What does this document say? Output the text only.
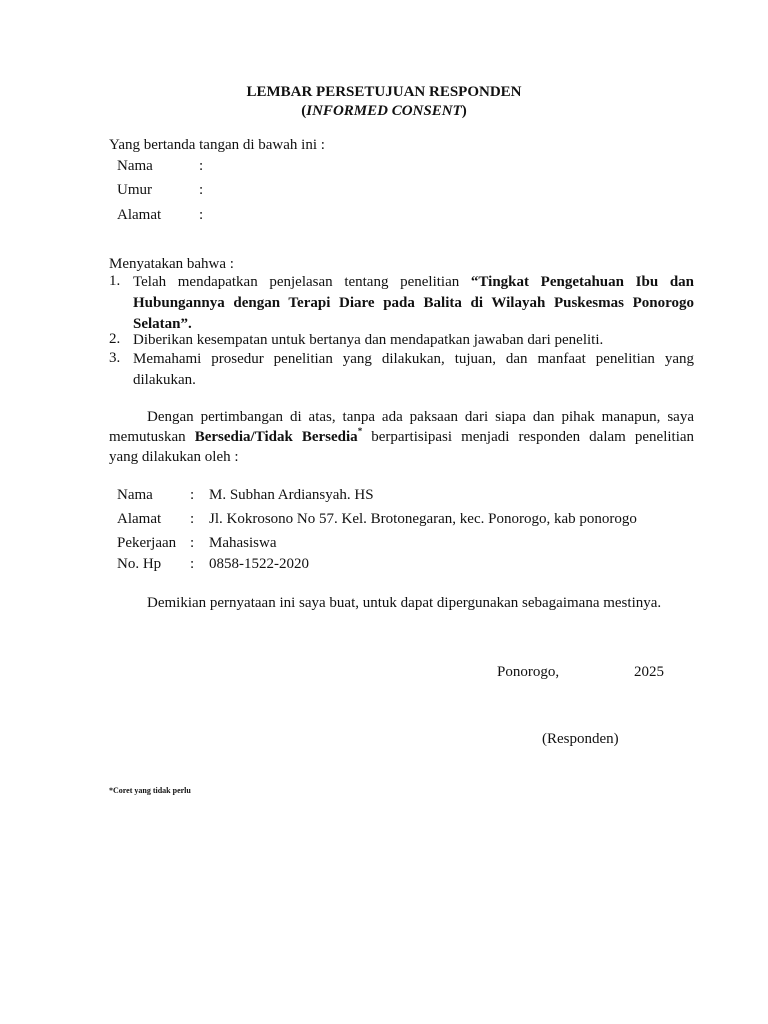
LEMBAR PERSETUJUAN RESPONDEN
(INFORMED CONSENT)
Yang bertanda tangan di bawah ini :
Nama	:
Umur	:
Alamat	:
Menyatakan bahwa :
1. Telah mendapatkan penjelasan tentang penelitian “Tingkat Pengetahuan Ibu dan
Hubungannya dengan Terapi Diare pada Balita di Wilayah Puskesmas Ponorogo
Selatan”.
2. Diberikan kesempatan untuk bertanya dan mendapatkan jawaban dari peneliti.
3. Memahami prosedur penelitian yang dilakukan, tujuan, dan manfaat penelitian yang
dilakukan.
Dengan pertimbangan di atas, tanpa ada paksaan dari siapa dan pihak manapun, saya
memutuskan Bersedia/Tidak Bersedia* berpartisipasi menjadi responden dalam penelitian
yang dilakukan oleh :
Nama : M. Subhan Ardiansyah. HS
Alamat : Jl. Kokrosono No 57. Kel. Brotonegaran, kec. Ponorogo, kab ponorogo
Pekerjaan : Mahasiswa
No. Hp : 0858-1522-2020
Demikian pernyataan ini saya buat, untuk dapat dipergunakan sebagaimana mestinya.
Ponorogo,	2025
(Responden)
*Coret yang tidak perlu
